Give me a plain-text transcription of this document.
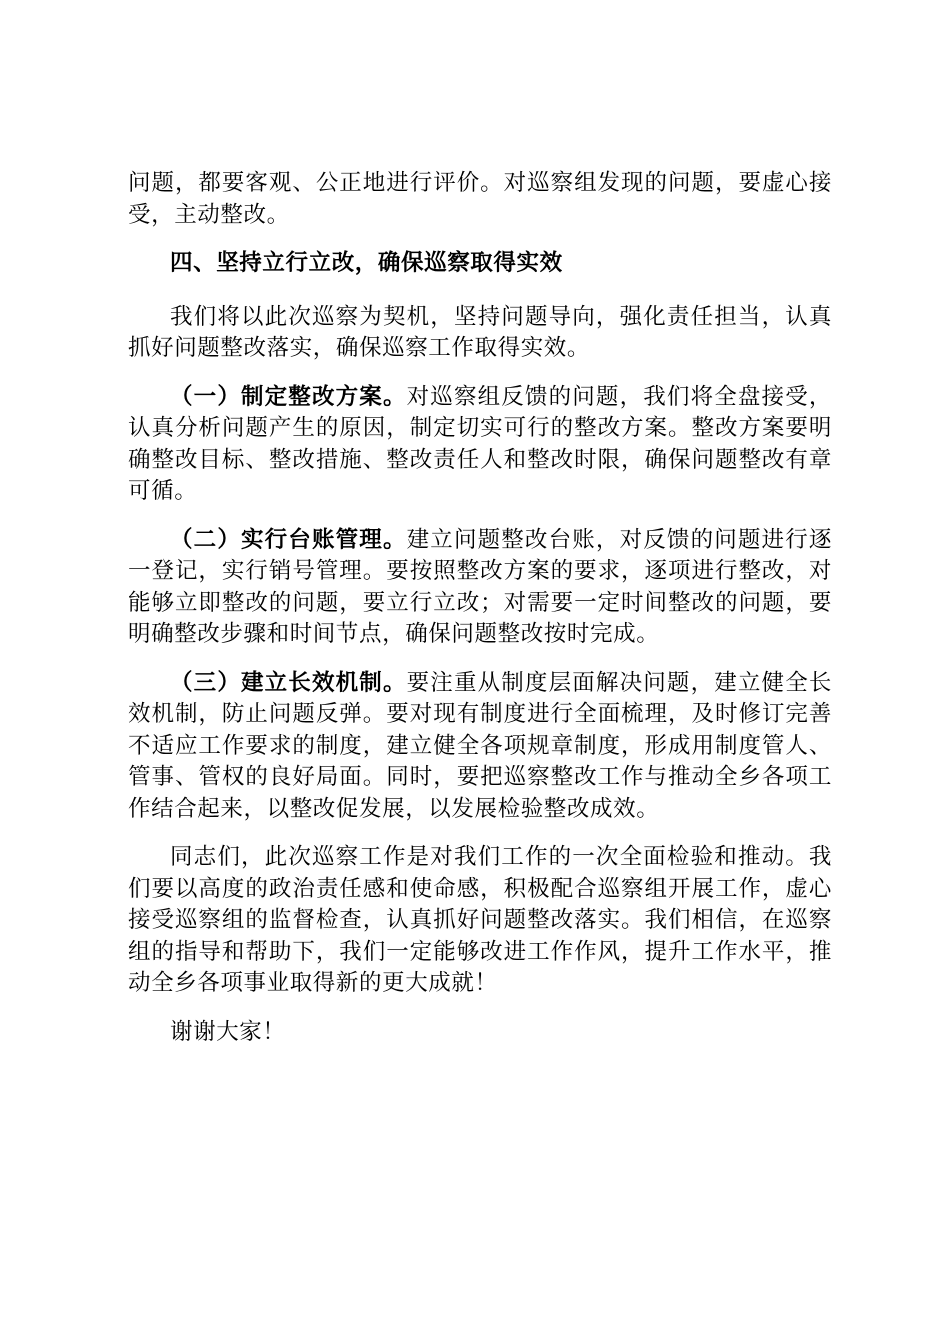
问题，都要客观、公正地进行评价。对巡察组发现的问题，要虚心接受，主动整改。

四、坚持立行立改，确保巡察取得实效

我们将以此次巡察为契机，坚持问题导向，强化责任担当，认真抓好问题整改落实，确保巡察工作取得实效。

（一）制定整改方案。对巡察组反馈的问题，我们将全盘接受，认真分析问题产生的原因，制定切实可行的整改方案。整改方案要明确整改目标、整改措施、整改责任人和整改时限，确保问题整改有章可循。

（二）实行台账管理。建立问题整改台账，对反馈的问题进行逐一登记，实行销号管理。要按照整改方案的要求，逐项进行整改，对能够立即整改的问题，要立行立改；对需要一定时间整改的问题，要明确整改步骤和时间节点，确保问题整改按时完成。

（三）建立长效机制。要注重从制度层面解决问题，建立健全长效机制，防止问题反弹。要对现有制度进行全面梳理，及时修订完善不适应工作要求的制度，建立健全各项规章制度，形成用制度管人、管事、管权的良好局面。同时，要把巡察整改工作与推动全乡各项工作结合起来，以整改促发展，以发展检验整改成效。

同志们，此次巡察工作是对我们工作的一次全面检验和推动。我们要以高度的政治责任感和使命感，积极配合巡察组开展工作，虚心接受巡察组的监督检查，认真抓好问题整改落实。我们相信，在巡察组的指导和帮助下，我们一定能够改进工作作风，提升工作水平，推动全乡各项事业取得新的更大成就！

谢谢大家！
